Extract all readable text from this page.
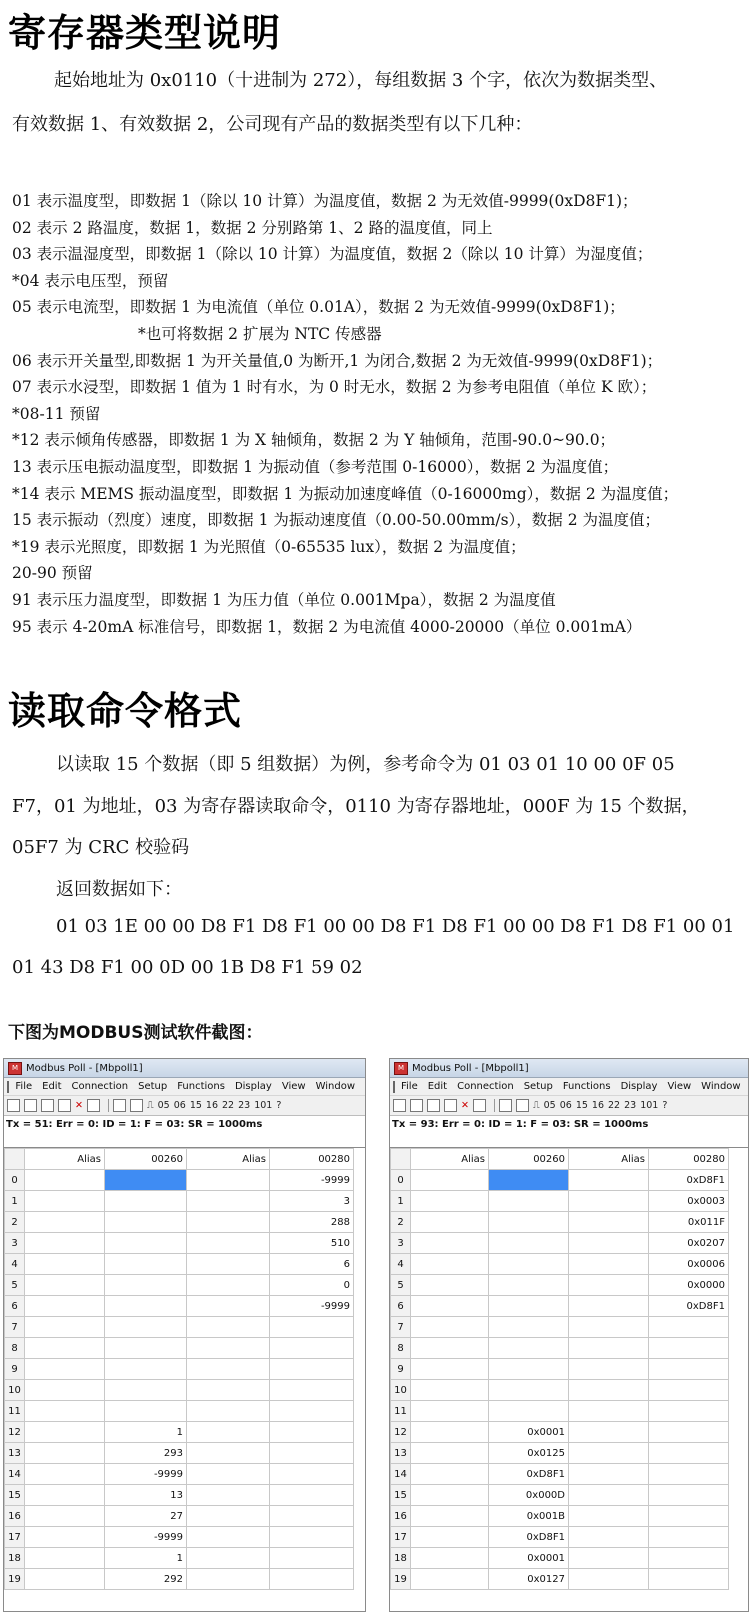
寄存器类型说明
起始地址为 0x0110（十进制为 272），每组数据 3 个字，依次为数据类型、
有效数据 1、有效数据 2，公司现有产品的数据类型有以下几种：
01 表示温度型，即数据 1（除以 10 计算）为温度值，数据 2 为无效值-9999(0xD8F1)；
02 表示 2 路温度，数据 1，数据 2 分别路第 1、2 路的温度值，同上
03 表示温湿度型，即数据 1（除以 10 计算）为温度值，数据 2（除以 10 计算）为湿度值；
*04 表示电压型，预留
05 表示电流型，即数据 1 为电流值（单位 0.01A），数据 2 为无效值-9999(0xD8F1)；
*也可将数据 2 扩展为 NTC 传感器
06 表示开关量型,即数据 1 为开关量值,0 为断开,1 为闭合,数据 2 为无效值-9999(0xD8F1)；
07 表示水浸型，即数据 1 值为 1 时有水，为 0 时无水，数据 2 为参考电阻值（单位 K 欧）；
*08-11 预留
*12 表示倾角传感器，即数据 1 为 X 轴倾角，数据 2 为 Y 轴倾角，范围-90.0~90.0；
13 表示压电振动温度型，即数据 1 为振动值（参考范围 0-16000），数据 2 为温度值；
*14 表示 MEMS 振动温度型，即数据 1 为振动加速度峰值（0-16000mg），数据 2 为温度值；
15 表示振动（烈度）速度，即数据 1 为振动速度值（0.00-50.00mm/s），数据 2 为温度值；
*19 表示光照度，即数据 1 为光照值（0-65535 lux），数据 2 为温度值；
20-90 预留
91 表示压力温度型，即数据 1 为压力值（单位 0.001Mpa），数据 2 为温度值
95 表示 4-20mA 标准信号，即数据 1，数据 2 为电流值 4000-20000（单位 0.001mA）
读取命令格式
以读取 15 个数据（即 5 组数据）为例，参考命令为 01 03 01 10 00 0F 05
F7，01 为地址，03 为寄存器读取命令，0110 为寄存器地址，000F 为 15 个数据，
05F7 为 CRC 校验码
返回数据如下：
01 03 1E 00 00 D8 F1 D8 F1 00 00 D8 F1 D8 F1 00 00 D8 F1 D8 F1 00 01
01 43 D8 F1 00 0D 00 1B D8 F1 59 02
下图为MODBUS测试软件截图：
M Modbus Poll - [Mbpoll1]
File Edit Connection Setup Functions Display View Window
✕	⎍ 05 06 15 16 22 23 101 ?
Tx = 51: Err = 0: ID = 1: F = 03: SR = 1000ms
	Alias	00260	Alias	00280
0				-9999
1				3
2				288
3				510
4				6
5				0
6				-9999
7				
8				
9				
10				
11				
12		1		
13		293		
14		-9999		
15		13		
16		27		
17		-9999		
18		1		
19		292		
M Modbus Poll - [Mbpoll1]
File Edit Connection Setup Functions Display View Window
✕	⎍ 05 06 15 16 22 23 101 ?
Tx = 93: Err = 0: ID = 1: F = 03: SR = 1000ms
	Alias	00260	Alias	00280
0				0xD8F1
1				0x0003
2				0x011F
3				0x0207
4				0x0006
5				0x0000
6				0xD8F1
7				
8				
9				
10				
11				
12		0x0001		
13		0x0125		
14		0xD8F1		
15		0x000D		
16		0x001B		
17		0xD8F1		
18		0x0001		
19		0x0127		
